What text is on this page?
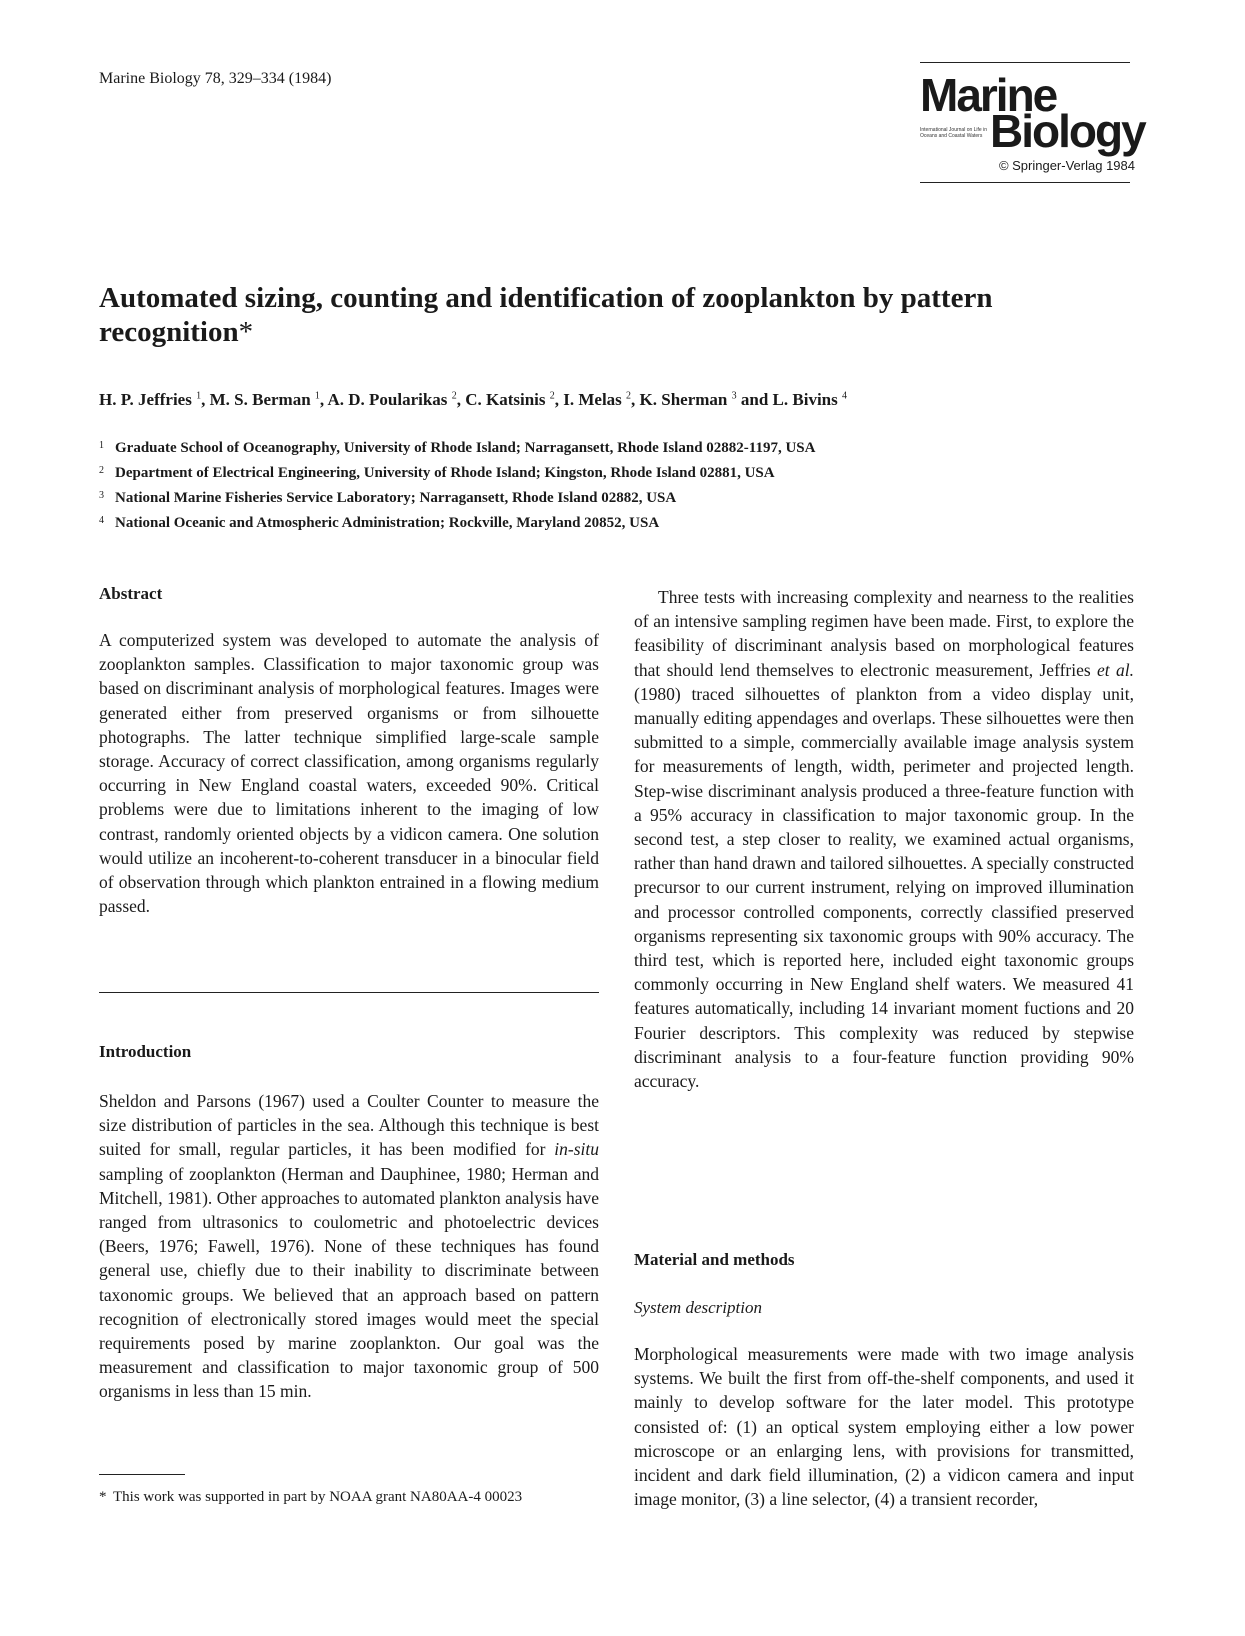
Marine Biology 78, 329–334 (1984)	Marine
International Journal on Life in Oceans and Coastal Waters Biology
© Springer-Verlag 1984
Automated sizing, counting and identification of zooplankton by pattern recognition*
H. P. Jeffries $^1$, M. S. Berman $^1$, A. D. Poularikas $^2$, C. Katsinis $^2$, I. Melas $^2$, K. Sherman $^3$ and L. Bivins $^4$
1 Graduate School of Oceanography, University of Rhode Island; Narragansett, Rhode Island 02882-1197, USA
2 Department of Electrical Engineering, University of Rhode Island; Kingston, Rhode Island 02881, USA
3 National Marine Fisheries Service Laboratory; Narragansett, Rhode Island 02882, USA
4 National Oceanic and Atmospheric Administration; Rockville, Maryland 20852, USA
Abstract
A computerized system was developed to automate the analysis of zooplankton samples. Classification to major taxonomic group was based on discriminant analysis of morphological features. Images were generated either from preserved organisms or from silhouette photographs. The latter technique simplified large-scale sample storage. Accuracy of correct classification, among organisms regularly occurring in New England coastal waters, exceeded 90%. Critical problems were due to limitations inherent to the imaging of low contrast, randomly oriented objects by a vidicon camera. One solution would utilize an incoherent-to-coherent transducer in a binocular field of observation through which plankton entrained in a flowing medium passed.
Introduction
Sheldon and Parsons (1967) used a Coulter Counter to measure the size distribution of particles in the sea. Although this technique is best suited for small, regular particles, it has been modified for in-situ sampling of zooplankton (Herman and Dauphinee, 1980; Herman and Mitchell, 1981). Other approaches to automated plankton analysis have ranged from ultrasonics to coulometric and photoelectric devices (Beers, 1976; Fawell, 1976). None of these techniques has found general use, chiefly due to their inability to discriminate between taxonomic groups. We believed that an approach based on pattern recognition of electronically stored images would meet the special requirements posed by marine zooplankton. Our goal was the measurement and classification to major taxonomic group of 500 organisms in less than 15 min.
* This work was supported in part by NOAA grant NA80AA-4 00023
Three tests with increasing complexity and nearness to the realities of an intensive sampling regimen have been made. First, to explore the feasibility of discriminant analysis based on morphological features that should lend themselves to electronic measurement, Jeffries et al. (1980) traced silhouettes of plankton from a video display unit, manually editing appendages and overlaps. These silhouettes were then submitted to a simple, commercially available image analysis system for measurements of length, width, perimeter and projected length. Step-wise discriminant analysis produced a three-feature function with a 95% accuracy in classification to major taxonomic group. In the second test, a step closer to reality, we examined actual organisms, rather than hand drawn and tailored silhouettes. A specially constructed precursor to our current instrument, relying on improved illumination and processor controlled components, correctly classified preserved organisms representing six taxonomic groups with 90% accuracy. The third test, which is reported here, included eight taxonomic groups commonly occurring in New England shelf waters. We measured 41 features automatically, including 14 invariant moment fuctions and 20 Fourier descriptors. This complexity was reduced by stepwise discriminant analysis to a four-feature function providing 90% accuracy.
Material and methods
System description
Morphological measurements were made with two image analysis systems. We built the first from off-the-shelf components, and used it mainly to develop software for the later model. This prototype consisted of: (1) an optical system employing either a low power microscope or an enlarging lens, with provisions for transmitted, incident and dark field illumination, (2) a vidicon camera and input image monitor, (3) a line selector, (4) a transient recorder,
